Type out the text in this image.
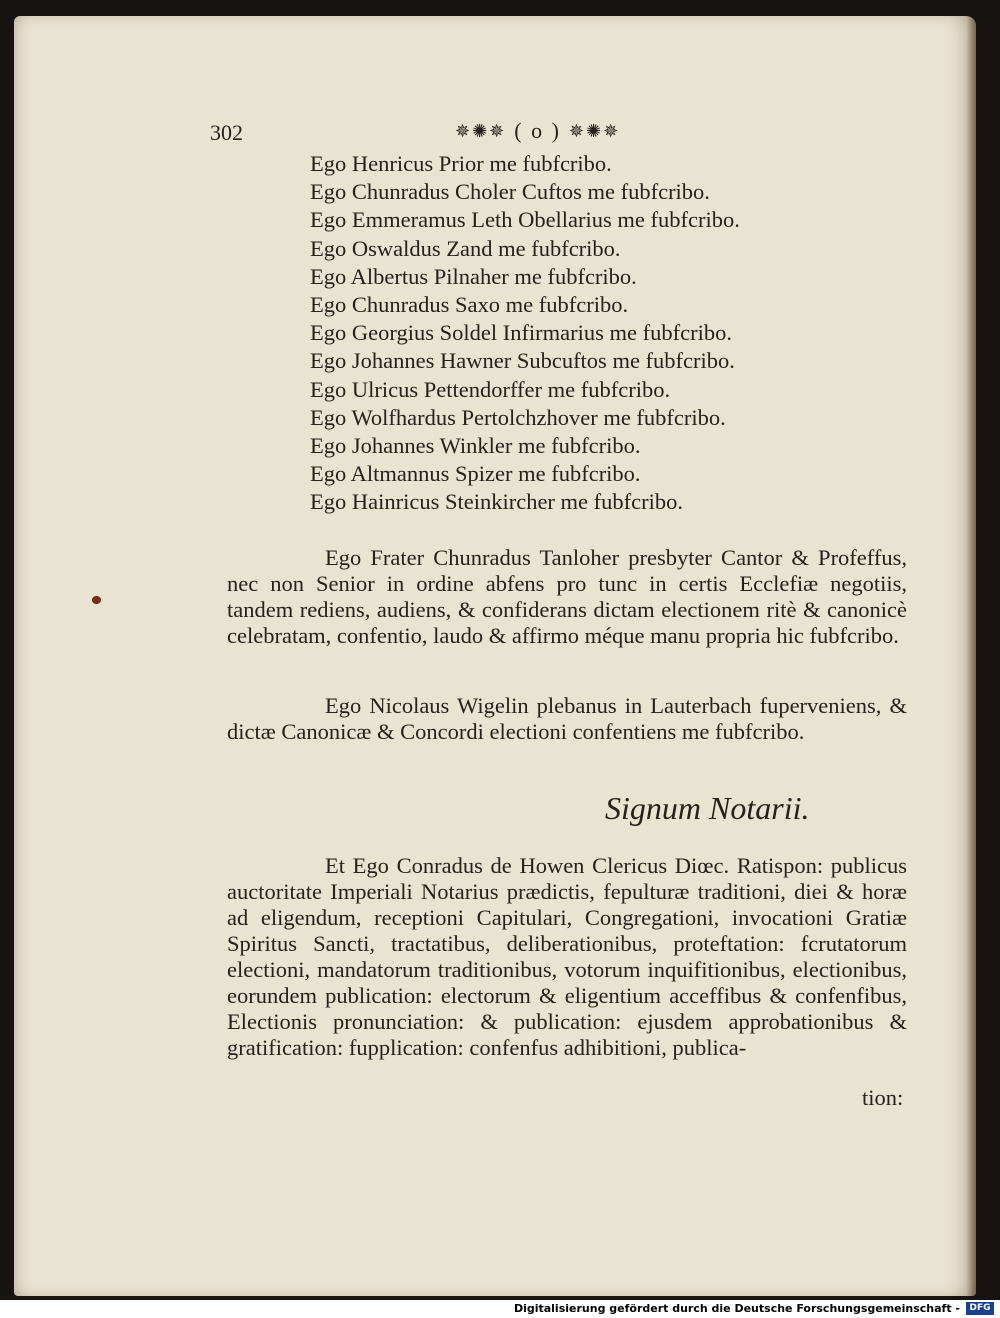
302	✵✺✵ ( o ) ✵✺✵
Ego Henricus Prior me fubfcribo.
Ego Chunradus Choler Cuftos me fubfcribo.
Ego Emmeramus Leth Obellarius me fubfcribo.
Ego Oswaldus Zand me fubfcribo.
Ego Albertus Pilnaher me fubfcribo.
Ego Chunradus Saxo me fubfcribo.
Ego Georgius Soldel Infirmarius me fubfcribo.
Ego Johannes Hawner Subcuftos me fubfcribo.
Ego Ulricus Pettendorffer me fubfcribo.
Ego Wolfhardus Pertolchzhover me fubfcribo.
Ego Johannes Winkler me fubfcribo.
Ego Altmannus Spizer me fubfcribo.
Ego Hainricus Steinkircher me fubfcribo.

Ego Frater Chunradus Tanloher presbyter Cantor & Profeffus, nec non Senior in ordine abfens pro tunc in certis Ecclefiæ negotiis, tandem rediens, audiens, & confiderans dictam electionem ritè & canonicè celebratam, confentio, laudo & affirmo méque manu propria hic fubfcribo.

Ego Nicolaus Wigelin plebanus in Lauterbach fuperveniens, & dictæ Canonicæ & Concordi electioni confentiens me fubfcribo.

Signum Notarii.

Et Ego Conradus de Howen Clericus Diœc. Ratispon: publicus auctoritate Imperiali Notarius prædictis, fepulturæ traditioni, diei & horæ ad eligendum, receptioni Capitulari, Congregationi, invocationi Gratiæ Spiritus Sancti, tractatibus, deliberationibus, proteftation: fcrutatorum electioni, mandatorum traditionibus, votorum inquifitionibus, electionibus, eorundem publication: electorum & eligentium acceffibus & confenfibus, Electionis pronunciation: & publication: ejusdem approbationibus & gratification: fupplication: confenfus adhibitioni, publica-

tion:
Digitalisierung gefördert durch die Deutsche Forschungsgemeinschaft -	DFG
